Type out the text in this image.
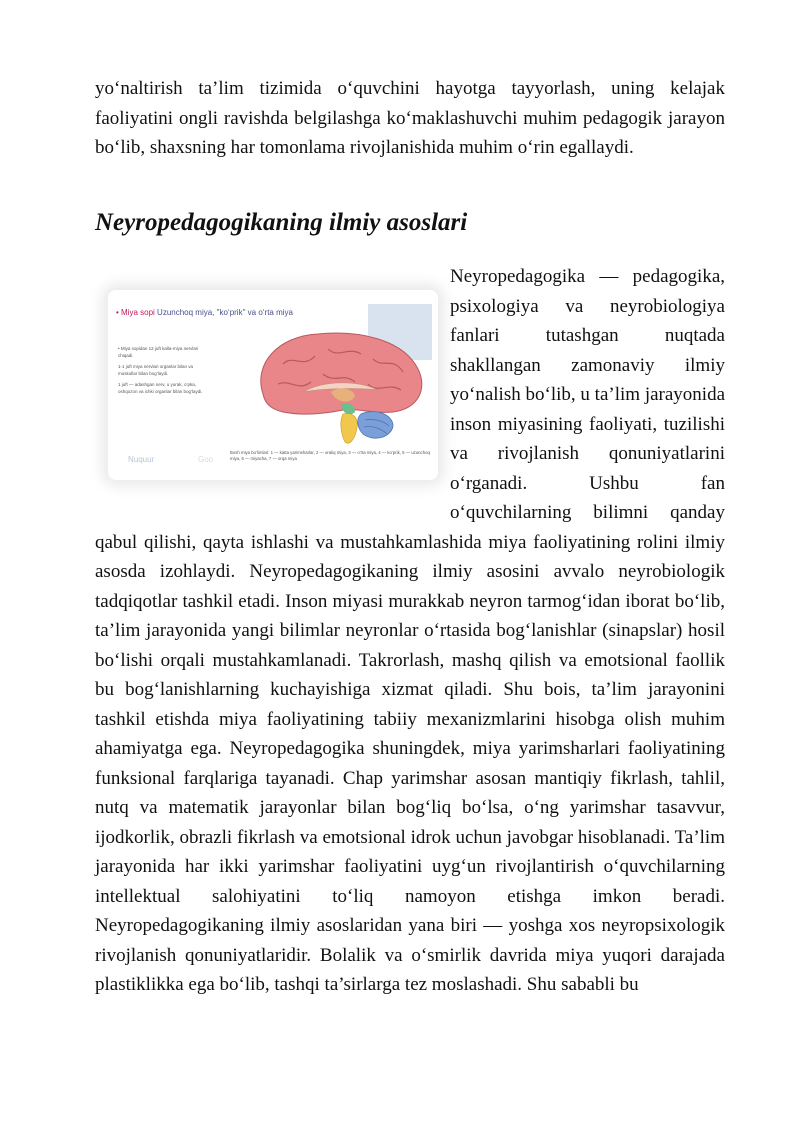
yo‘naltirish ta’lim tizimida o‘quvchini hayotga tayyorlash, uning kelajak faoliyatini ongli ravishda belgilashga ko‘maklashuvchi muhim pedagogik jarayon bo‘lib, shaxsning har tomonlama rivojlanishida muhim o‘rin egallaydi.

Neyropedagogikaning ilmiy asoslari

Neyropedagogika — pedagogika, psixologiya va neyrobiologiya fanlari tutashgan nuqtada shakllangan zamonaviy ilmiy yo‘nalish bo‘lib, u ta’lim jarayonida inson miyasining faoliyati, tuzilishi va rivojlanish qonuniyatlarini o‘rganadi. Ushbu fan o‘quvchilarning bilimni qanday qabul qilishi, qayta ishlashi va mustahkamlashida miya faoliyatining rolini ilmiy asosda izohlaydi. Neyropedagogikaning ilmiy asosini avvalo neyrobiologik tadqiqotlar tashkil etadi. Inson miyasi murakkab neyron tarmog‘idan iborat bo‘lib, ta’lim jarayonida yangi bilimlar neyronlar o‘rtasida bog‘lanishlar (sinapslar) hosil bo‘lishi orqali mustahkamlanadi. Takrorlash, mashq qilish va emotsional faollik bu bog‘lanishlarning kuchayishiga xizmat qiladi. Shu bois, ta’lim jarayonini tashkil etishda miya faoliyatining tabiiy mexanizmlarini hisobga olish muhim ahamiyatga ega. Neyropedagogika shuningdek, miya yarimsharlari faoliyatining funksional farqlariga tayanadi. Chap yarimshar asosan mantiqiy fikrlash, tahlil, nutq va matematik jarayonlar bilan bog‘liq bo‘lsa, o‘ng yarimshar tasavvur, ijodkorlik, obrazli fikrlash va emotsional idrok uchun javobgar hisoblanadi. Ta’lim jarayonida har ikki yarimshar faoliyatini uyg‘un rivojlantirish o‘quvchilarning intellektual salohiyatini to‘liq namoyon etishga imkon beradi. Neyropedagogikaning ilmiy asoslaridan yana biri — yoshga xos neyropsixologik rivojlanish qonuniyatlaridir. Bolalik va o‘smirlik davrida miya yuqori darajada plastiklikka ega bo‘lib, tashqi ta’sirlarga tez moslashadi. Shu sababli bu

• Miya sopi Uzunchoq miya, "ko‘prik" va o‘rta miya
• Miya sopidan 12 juft kalla-miya nervlari chiqadi.
1-1 juft miya nervlari organlar bilan va muskullar bilan bog‘laydi.
1 juft — adashgan nerv, u yurak, o‘pka, oshqozon va ichki organlar bilan bog‘laydi.
Bosh miya bo‘limlari: 1 — katta yarimsharlar, 2 — oraliq miya, 3 — o‘rta miya, 4 — ko‘prik, 5 — uzunchoq miya, 6 — miyacha, 7 — orqa miya
Nuquur	Goo
